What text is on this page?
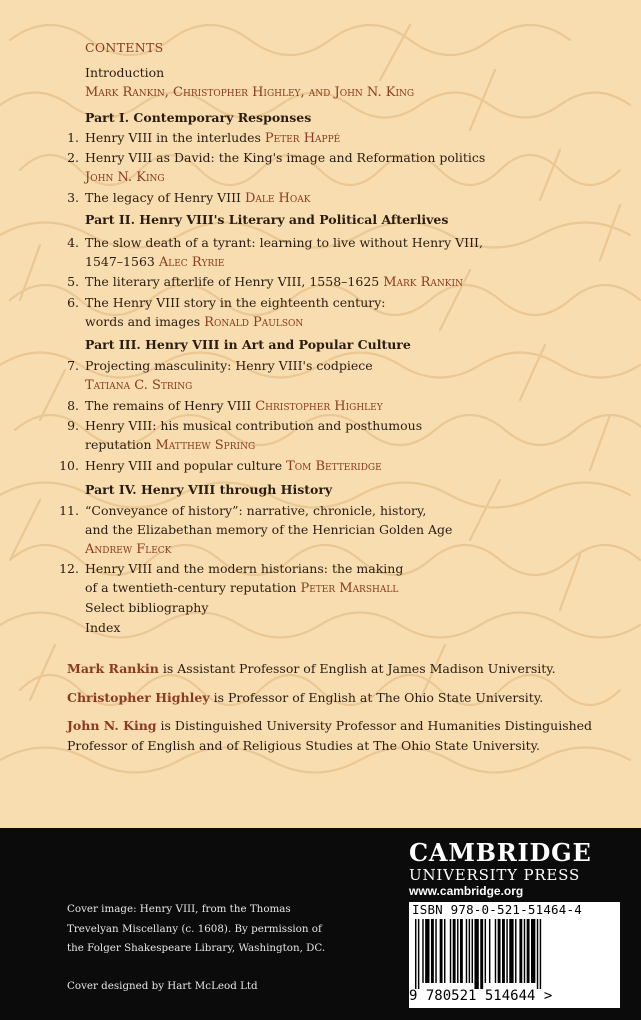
CONTENTS
Introduction
Mark Rankin, Christopher Highley, and John N. King
Part I. Contemporary Responses
1. Henry VIII in the interludes Peter Happé
2. Henry VIII as David: the King's image and Reformation politics
John N. King
3. The legacy of Henry VIII Dale Hoak
Part II. Henry VIII's Literary and Political Afterlives
4. The slow death of a tyrant: learning to live without Henry VIII,
1547–1563 Alec Ryrie
5. The literary afterlife of Henry VIII, 1558–1625 Mark Rankin
6. The Henry VIII story in the eighteenth century:
words and images Ronald Paulson
Part III. Henry VIII in Art and Popular Culture
7. Projecting masculinity: Henry VIII's codpiece
Tatiana C. String
8. The remains of Henry VIII Christopher Highley
9. Henry VIII: his musical contribution and posthumous
reputation Matthew Spring
10. Henry VIII and popular culture Tom Betteridge
Part IV. Henry VIII through History
11. “Conveyance of history”: narrative, chronicle, history,
and the Elizabethan memory of the Henrician Golden Age
Andrew Fleck
12. Henry VIII and the modern historians: the making
of a twentieth-century reputation Peter Marshall
Select bibliography
Index
Mark Rankin is Assistant Professor of English at James Madison University.
Christopher Highley is Professor of English at The Ohio State University.
John N. King is Distinguished University Professor and Humanities Distinguished
Professor of English and of Religious Studies at The Ohio State University.
CAMBRIDGE
UNIVERSITY PRESS
www.cambridge.org
Cover image: Henry VIII, from the Thomas
Trevelyan Miscellany (c. 1608). By permission of
the Folger Shakespeare Library, Washington, DC.
Cover designed by Hart McLeod Ltd
ISBN 978-0-521-51464-4
9 780521 514644 >
